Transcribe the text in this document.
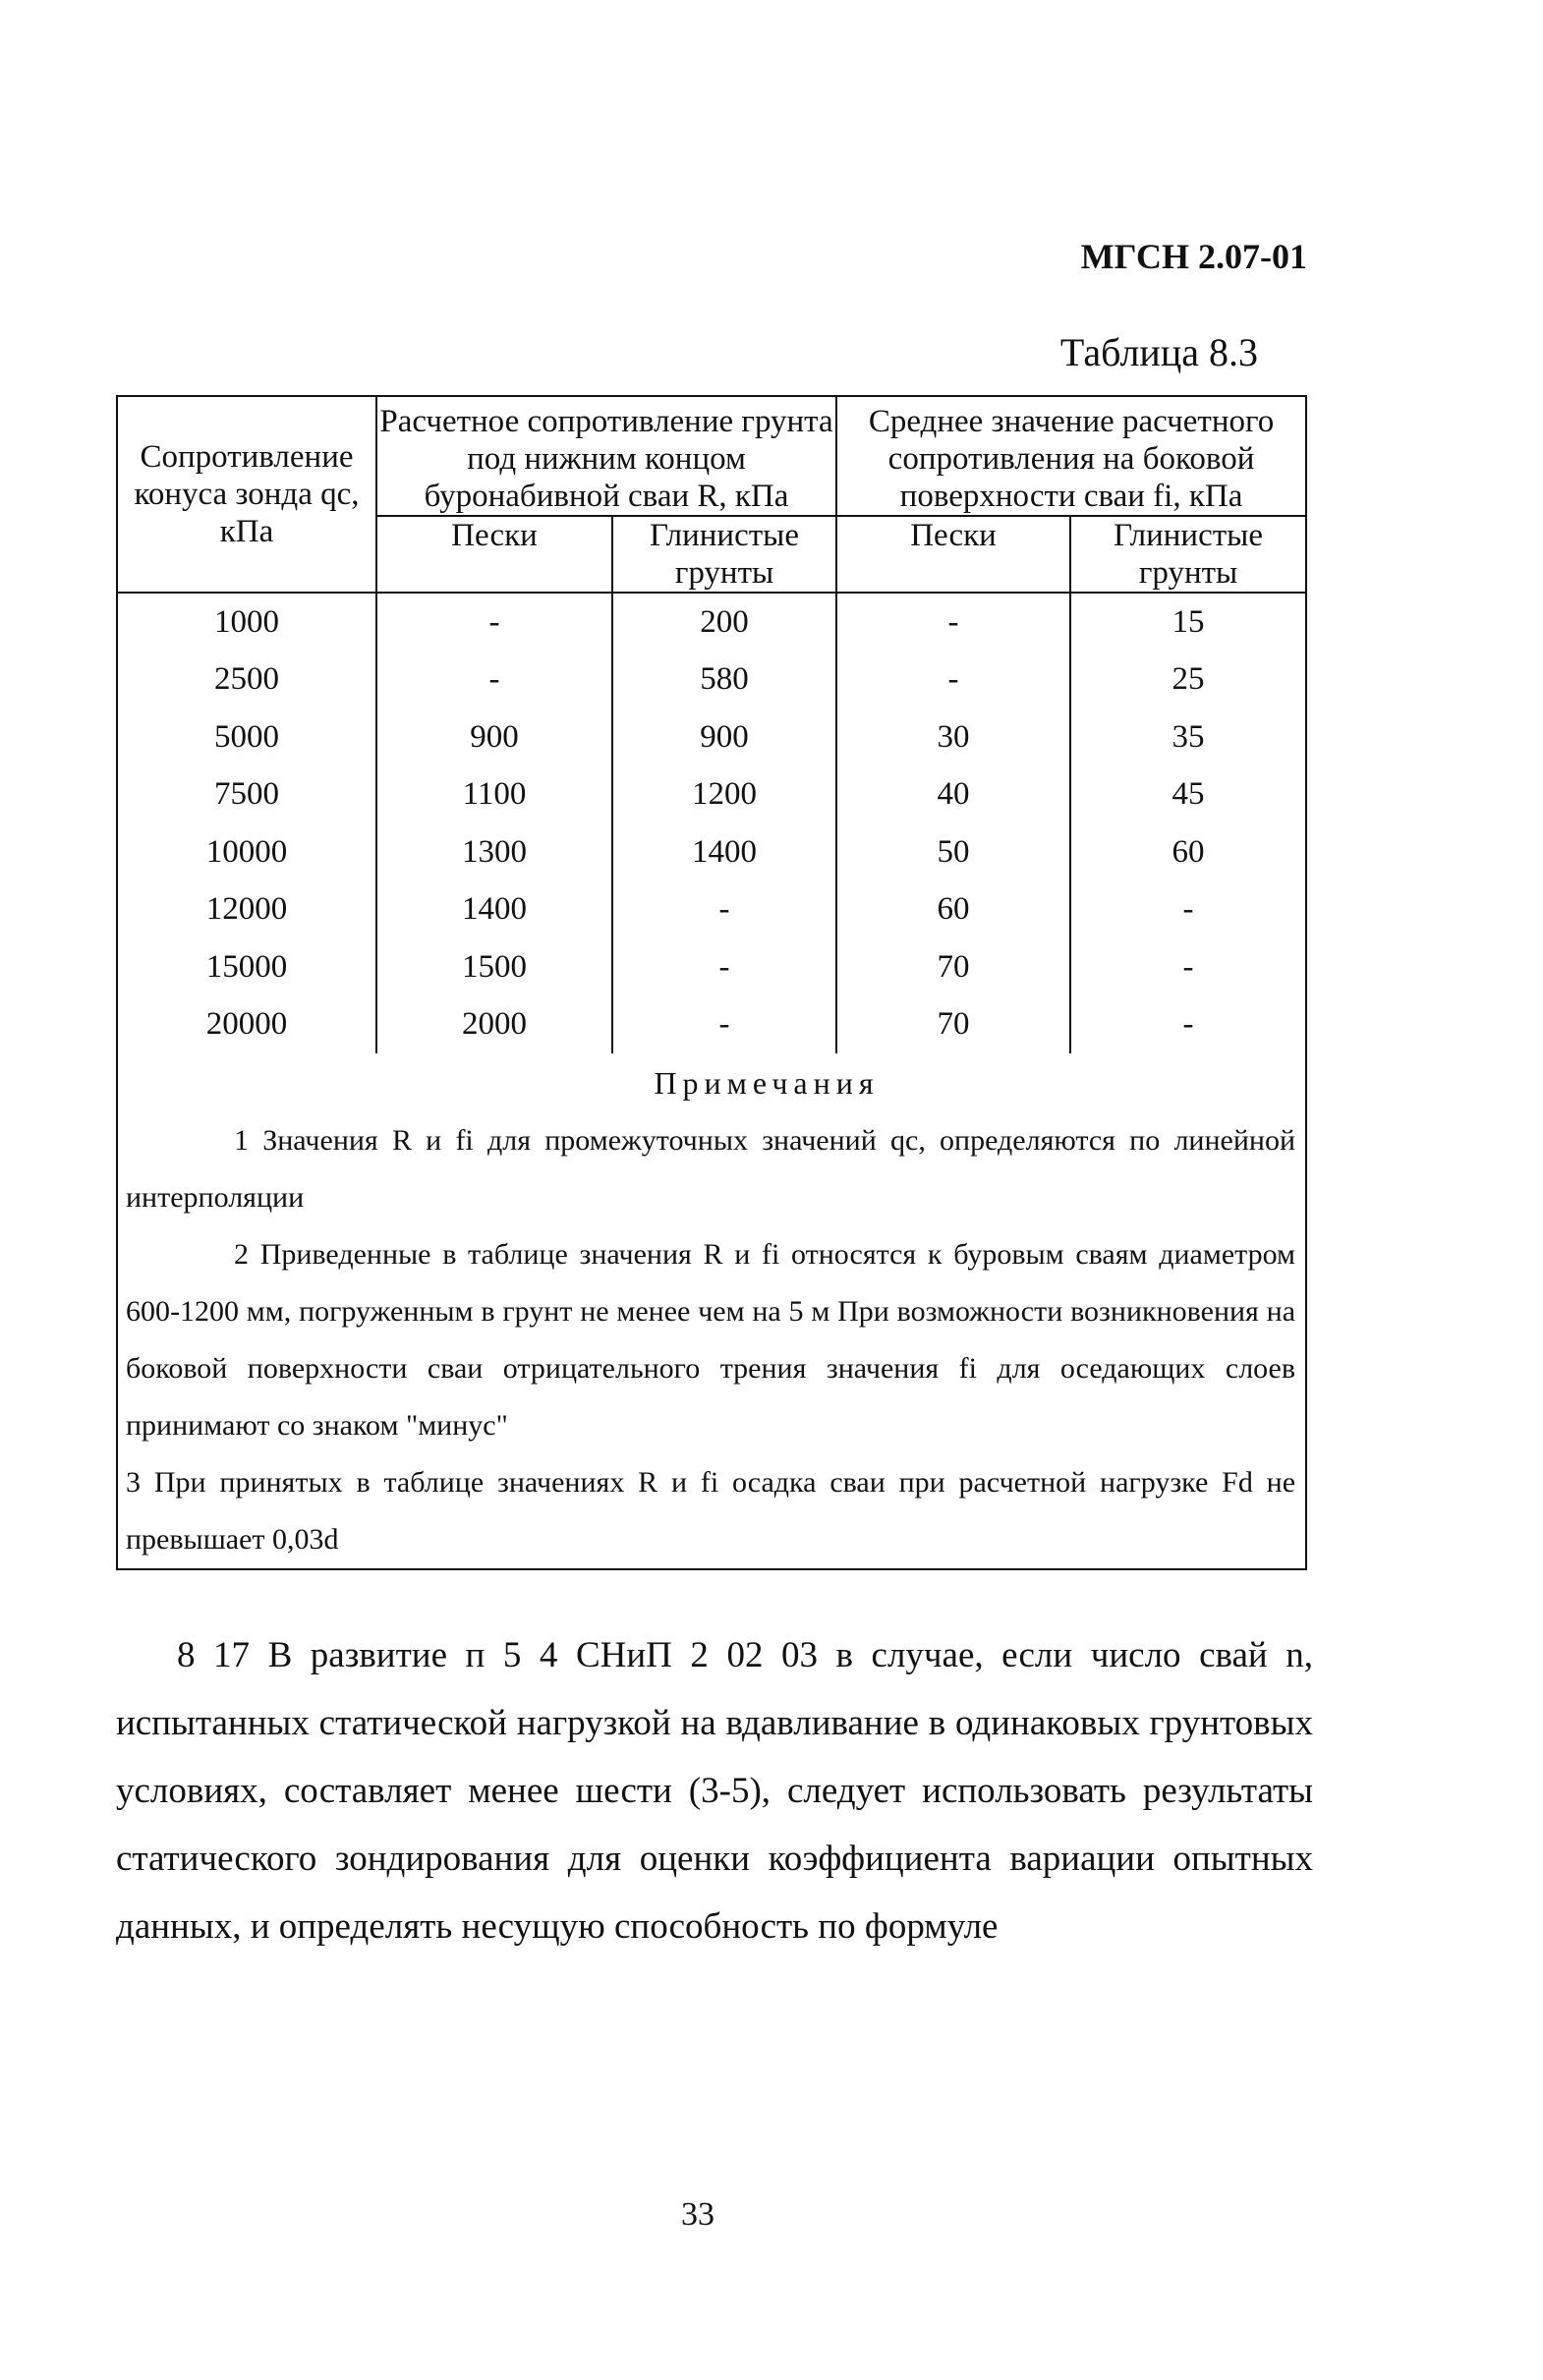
МГСН 2.07-01
Таблица 8.3
Сопротивление конуса зонда qc, кПа	Расчетное сопротивление грунта под нижним концом буронабивной сваи R, кПа		Среднее значение расчетного сопротивления на боковой поверхности сваи fi, кПа	
	Пески	Глинистые грунты	Пески	Глинистые грунты
1000	-	200	-	15
2500	-	580	-	25
5000	900	900	30	35
7500	1100	1200	40	45
10000	1300	1400	50	60
12000	1400	-	60	-
15000	1500	-	70	-
20000	2000	-	70	-

Примечания
1 Значения R и fi для промежуточных значений qc, определяются по линейной интерполяции
2 Приведенные в таблице значения R и fi относятся к буровым сваям диаметром 600-1200 мм, погруженным в грунт не менее чем на 5 м При возможности возникновения на боковой поверхности сваи отрицательного трения значения fi для оседающих слоев принимают со знаком "минус"
3 При принятых в таблице значениях R и fi осадка сваи при расчетной нагрузке Fd не превышает 0,03d				
8 17 В развитие п 5 4 СНиП 2 02 03 в случае, если число свай n, испытанных статической нагрузкой на вдавливание в одинаковых грунтовых условиях, составляет менее шести (3-5), следует использовать результаты статического зондирования для оценки коэффициента вариации опытных данных, и определять несущую способность по формуле
33
